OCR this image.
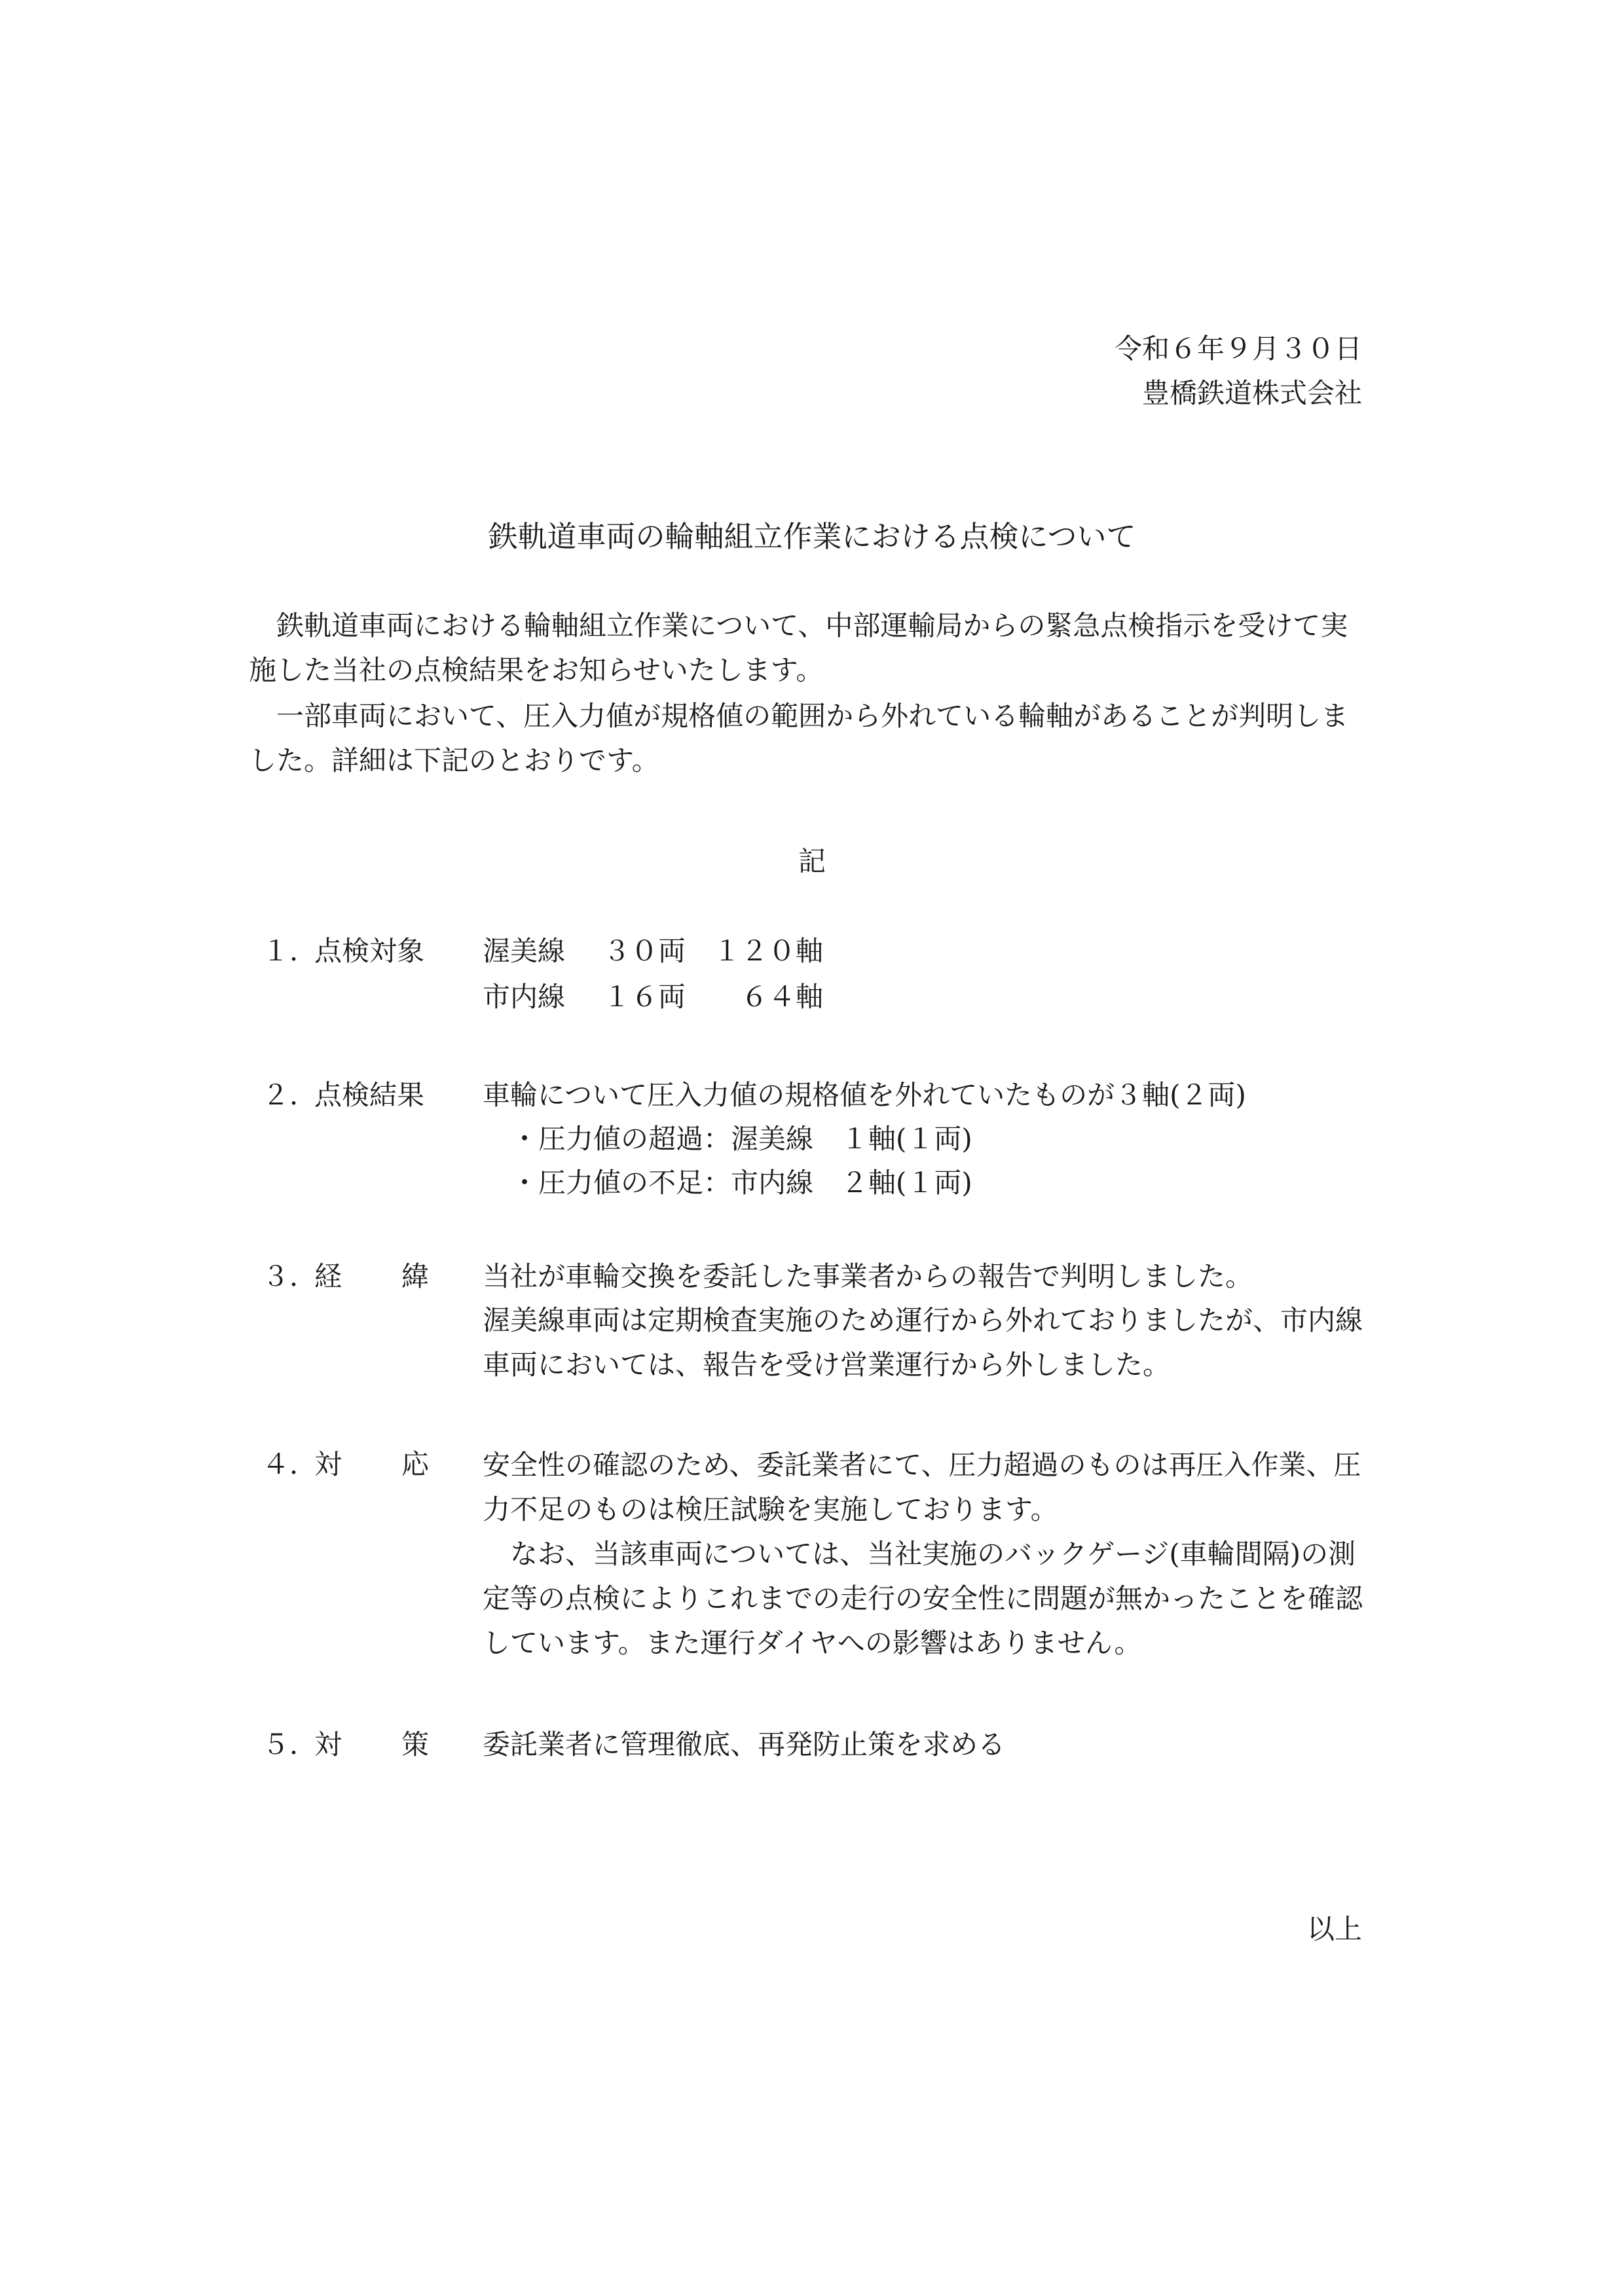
令和６年９月３０日
豊橋鉄道株式会社
鉄軌道車両の輪軸組立作業における点検について
鉄軌道車両における輪軸組立作業について、中部運輸局からの緊急点検指示を受けて実施した当社の点検結果をお知らせいたします。
一部車両において、圧入力値が規格値の範囲から外れている輪軸があることが判明しました。詳細は下記のとおりです。
記
１．
点検対象 渥美線 ３０両 １２０軸
市内線 １６両 ６４軸
２．
点検結果 車輪について圧入力値の規格値を外れていたものが３軸(２両)
・圧力値の超過：渥美線　１軸(１両)
・圧力値の不足：市内線　２軸(１両)
３．
経 緯 当社が車輪交換を委託した事業者からの報告で判明しました。
渥美線車両は定期検査実施のため運行から外れておりましたが、市内線車両においては、報告を受け営業運行から外しました。
４．
対 応 安全性の確認のため、委託業者にて、圧力超過のものは再圧入作業、圧力不足のものは検圧試験を実施しております。
なお、当該車両については、当社実施のバックゲージ(車輪間隔)の測定等の点検によりこれまでの走行の安全性に問題が無かったことを確認しています。また運行ダイヤへの影響はありません。
５．
対 策 委託業者に管理徹底、再発防止策を求める
以上
